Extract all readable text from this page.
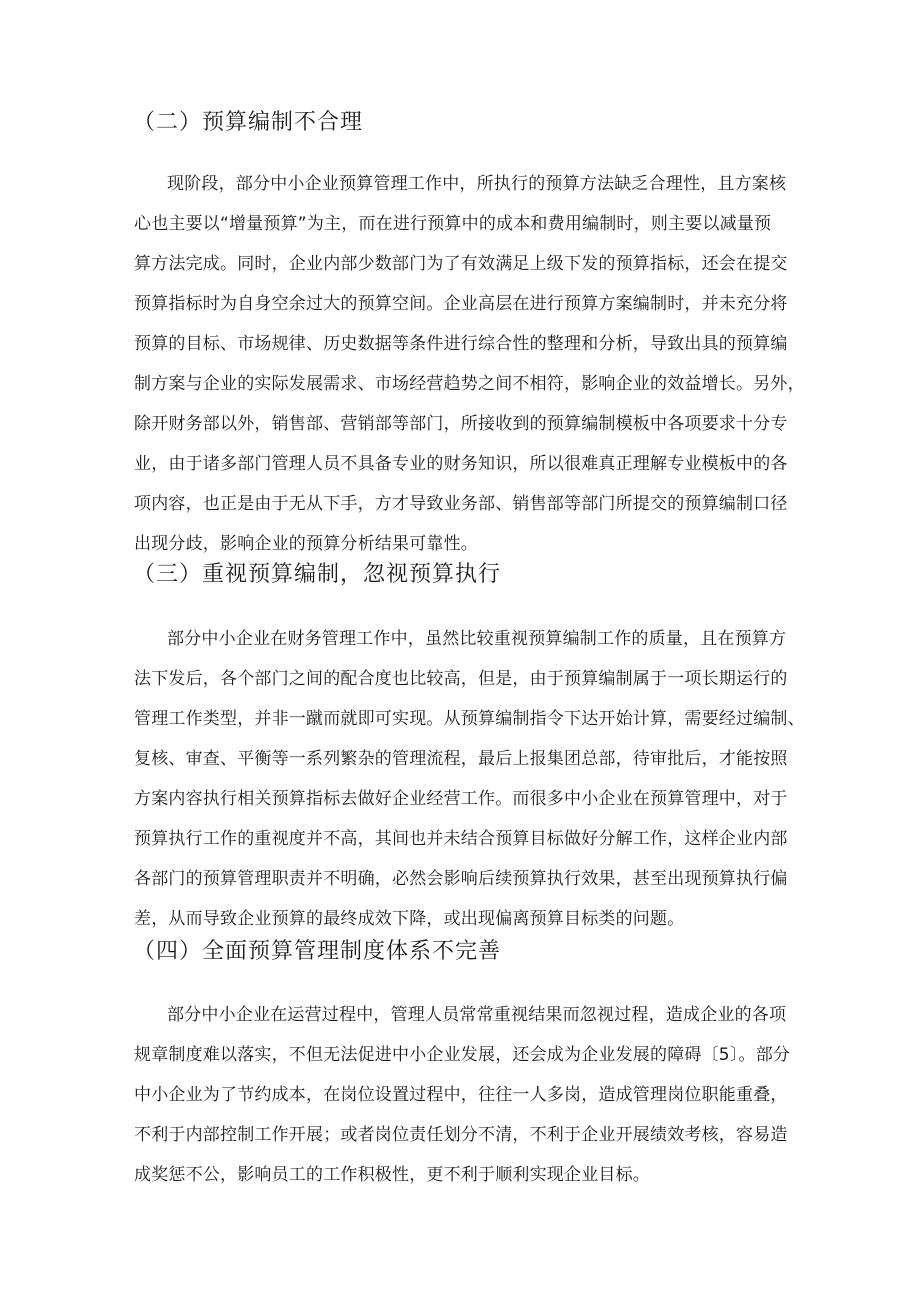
（二）预算编制不合理
现阶段，部分中小企业预算管理工作中，所执行的预算方法缺乏合理性，且方案核
心也主要以“增量预算”为主，而在进行预算中的成本和费用编制时，则主要以减量预
算方法完成。同时，企业内部少数部门为了有效满足上级下发的预算指标，还会在提交
预算指标时为自身空余过大的预算空间。企业高层在进行预算方案编制时，并未充分将
预算的目标、市场规律、历史数据等条件进行综合性的整理和分析，导致出具的预算编
制方案与企业的实际发展需求、市场经营趋势之间不相符，影响企业的效益增长。另外，
除开财务部以外，销售部、营销部等部门，所接收到的预算编制模板中各项要求十分专
业，由于诸多部门管理人员不具备专业的财务知识，所以很难真正理解专业模板中的各
项内容，也正是由于无从下手，方才导致业务部、销售部等部门所提交的预算编制口径
出现分歧，影响企业的预算分析结果可靠性。
（三）重视预算编制，忽视预算执行
部分中小企业在财务管理工作中，虽然比较重视预算编制工作的质量，且在预算方
法下发后，各个部门之间的配合度也比较高，但是，由于预算编制属于一项长期运行的
管理工作类型，并非一蹴而就即可实现。从预算编制指令下达开始计算，需要经过编制、
复核、审查、平衡等一系列繁杂的管理流程，最后上报集团总部，待审批后，才能按照
方案内容执行相关预算指标去做好企业经营工作。而很多中小企业在预算管理中，对于
预算执行工作的重视度并不高，其间也并未结合预算目标做好分解工作，这样企业内部
各部门的预算管理职责并不明确，必然会影响后续预算执行效果，甚至出现预算执行偏
差，从而导致企业预算的最终成效下降，或出现偏离预算目标类的问题。
（四）全面预算管理制度体系不完善
部分中小企业在运营过程中，管理人员常常重视结果而忽视过程，造成企业的各项
规章制度难以落实，不但无法促进中小企业发展，还会成为企业发展的障碍〔5〕。部分
中小企业为了节约成本，在岗位设置过程中，往往一人多岗，造成管理岗位职能重叠，
不利于内部控制工作开展；或者岗位责任划分不清，不利于企业开展绩效考核，容易造
成奖惩不公，影响员工的工作积极性，更不利于顺利实现企业目标。
